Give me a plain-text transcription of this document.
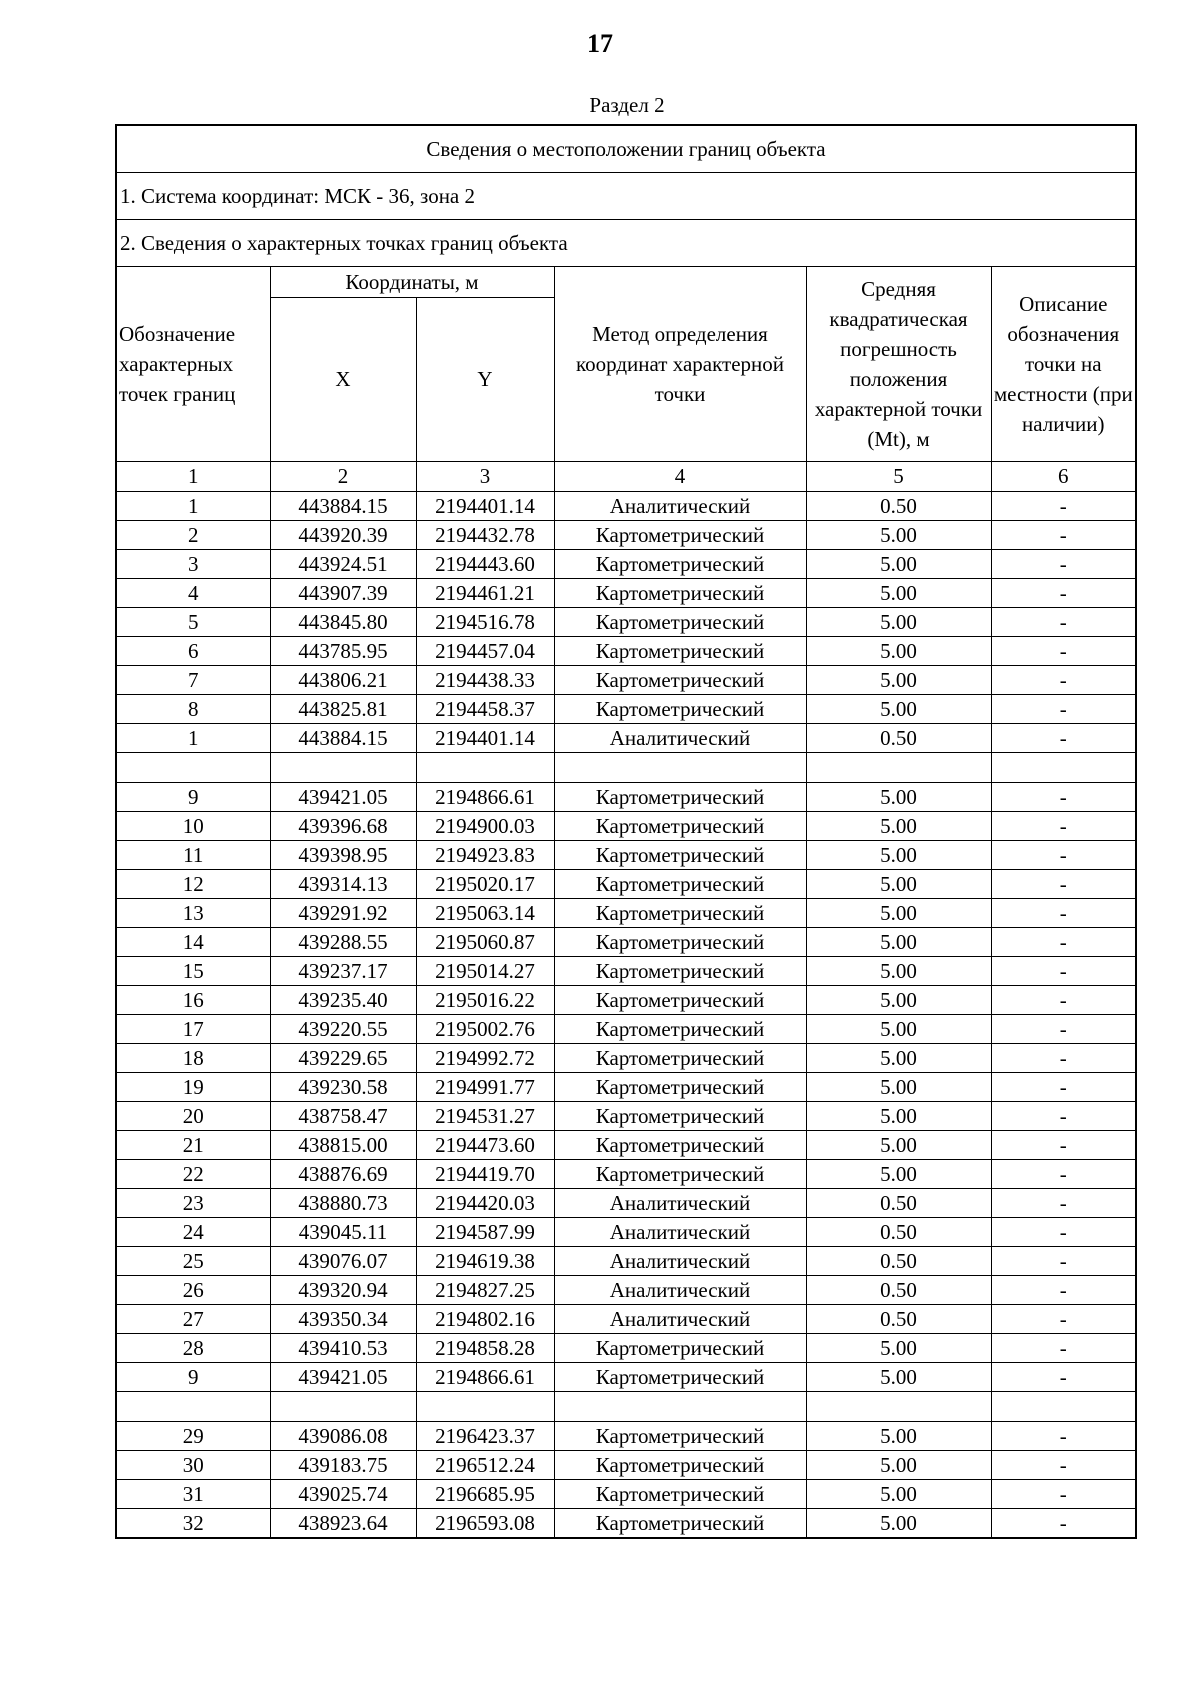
17
Раздел 2
Сведения о местоположении границ объекта					
1. Система координат: МСК - 36, зона 2					
2. Сведения о характерных точках границ объекта					
Обозначение характерных точек границ	Координаты, м		Метод определения координат характерной точки	Средняя квадратическая погрешность положения характерной точки (Mt), м	Описание обозначения точки на местности (при наличии)
	X	Y			
1	2	3	4	5	6
1	443884.15	2194401.14	Аналитический	0.50	-
2	443920.39	2194432.78	Картометрический	5.00	-
3	443924.51	2194443.60	Картометрический	5.00	-
4	443907.39	2194461.21	Картометрический	5.00	-
5	443845.80	2194516.78	Картометрический	5.00	-
6	443785.95	2194457.04	Картометрический	5.00	-
7	443806.21	2194438.33	Картометрический	5.00	-
8	443825.81	2194458.37	Картометрический	5.00	-
1	443884.15	2194401.14	Аналитический	0.50	-

9	439421.05	2194866.61	Картометрический	5.00	-
10	439396.68	2194900.03	Картометрический	5.00	-
11	439398.95	2194923.83	Картометрический	5.00	-
12	439314.13	2195020.17	Картометрический	5.00	-
13	439291.92	2195063.14	Картометрический	5.00	-
14	439288.55	2195060.87	Картометрический	5.00	-
15	439237.17	2195014.27	Картометрический	5.00	-
16	439235.40	2195016.22	Картометрический	5.00	-
17	439220.55	2195002.76	Картометрический	5.00	-
18	439229.65	2194992.72	Картометрический	5.00	-
19	439230.58	2194991.77	Картометрический	5.00	-
20	438758.47	2194531.27	Картометрический	5.00	-
21	438815.00	2194473.60	Картометрический	5.00	-
22	438876.69	2194419.70	Картометрический	5.00	-
23	438880.73	2194420.03	Аналитический	0.50	-
24	439045.11	2194587.99	Аналитический	0.50	-
25	439076.07	2194619.38	Аналитический	0.50	-
26	439320.94	2194827.25	Аналитический	0.50	-
27	439350.34	2194802.16	Аналитический	0.50	-
28	439410.53	2194858.28	Картометрический	5.00	-
9	439421.05	2194866.61	Картометрический	5.00	-

29	439086.08	2196423.37	Картометрический	5.00	-
30	439183.75	2196512.24	Картометрический	5.00	-
31	439025.74	2196685.95	Картометрический	5.00	-
32	438923.64	2196593.08	Картометрический	5.00	-
